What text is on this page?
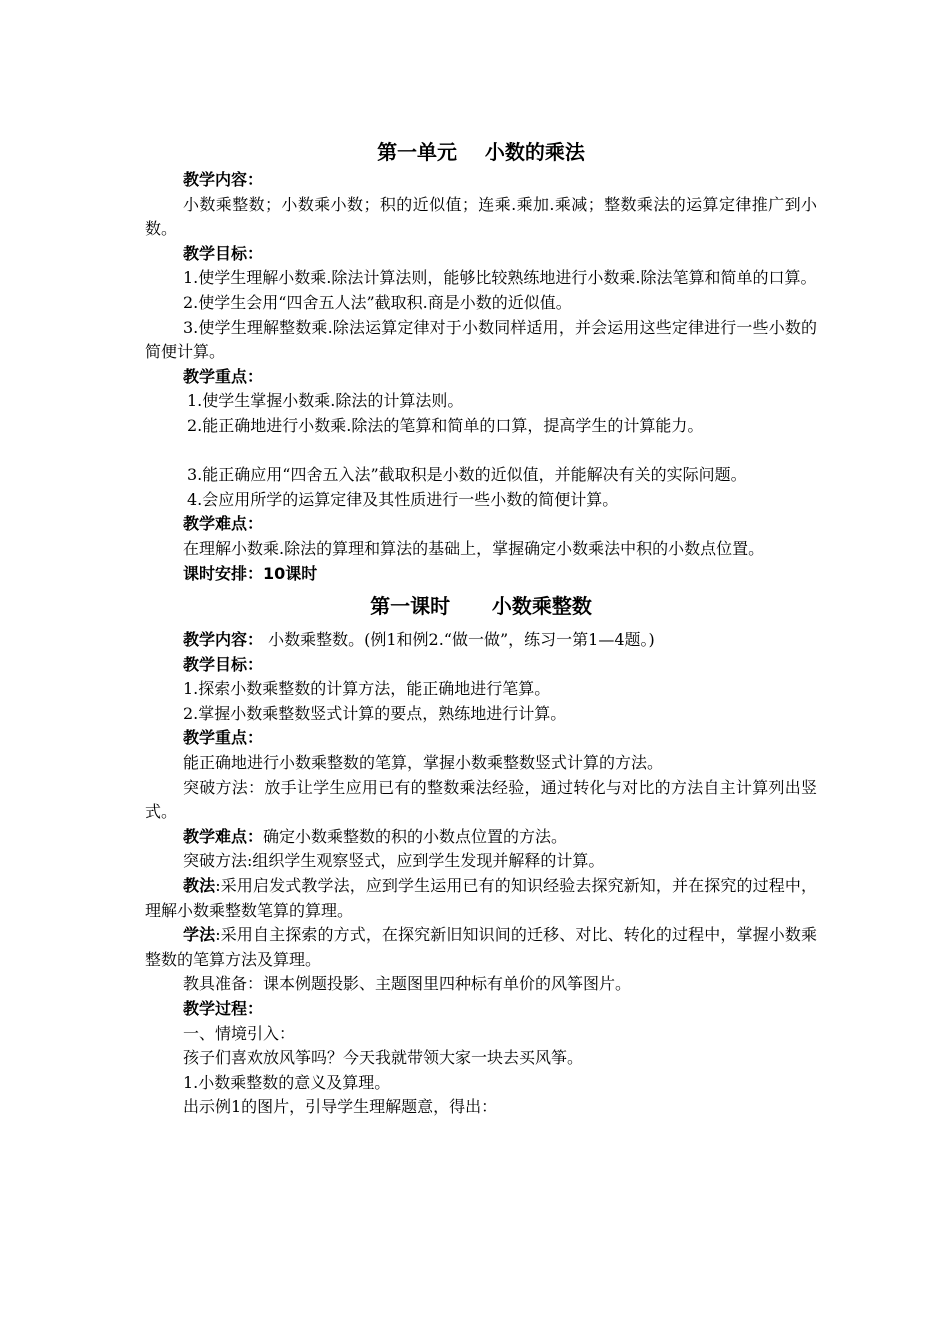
第一单元    小数的乘法
教学内容：
小数乘整数；小数乘小数；积的近似值；连乘.乘加.乘减；整数乘法的运算定律推广到小数。
教学目标：
1.使学生理解小数乘.除法计算法则，能够比较熟练地进行小数乘.除法笔算和简单的口算。
2.使学生会用“四舍五人法”截取积.商是小数的近似值。
3.使学生理解整数乘.除法运算定律对于小数同样适用，并会运用这些定律进行一些小数的简便计算。
教学重点：
1.使学生掌握小数乘.除法的计算法则。
2.能正确地进行小数乘.除法的笔算和简单的口算，提高学生的计算能力。
3.能正确应用“四舍五入法”截取积是小数的近似值，并能解决有关的实际问题。
4.会应用所学的运算定律及其性质进行一些小数的简便计算。
教学难点：
在理解小数乘.除法的算理和算法的基础上，掌握确定小数乘法中积的小数点位置。
课时安排：10课时
第一课时      小数乘整数
教学内容： 小数乘整数。(例1和例2.“做一做”，练习一第1—4题。)
教学目标：
1.探索小数乘整数的计算方法，能正确地进行笔算。
2.掌握小数乘整数竖式计算的要点，熟练地进行计算。
教学重点：
能正确地进行小数乘整数的笔算，掌握小数乘整数竖式计算的方法。
突破方法：放手让学生应用已有的整数乘法经验，通过转化与对比的方法自主计算列出竖式。
教学难点：确定小数乘整数的积的小数点位置的方法。
突破方法:组织学生观察竖式，应到学生发现并解释的计算。
教法:采用启发式教学法，应到学生运用已有的知识经验去探究新知，并在探究的过程中，理解小数乘整数笔算的算理。
学法:采用自主探索的方式，在探究新旧知识间的迁移、对比、转化的过程中，掌握小数乘整数的笔算方法及算理。
教具准备：课本例题投影、主题图里四种标有单价的风筝图片。
教学过程：
一、情境引入：
孩子们喜欢放风筝吗？今天我就带领大家一块去买风筝。
1.小数乘整数的意义及算理。
出示例1的图片，引导学生理解题意，得出：
